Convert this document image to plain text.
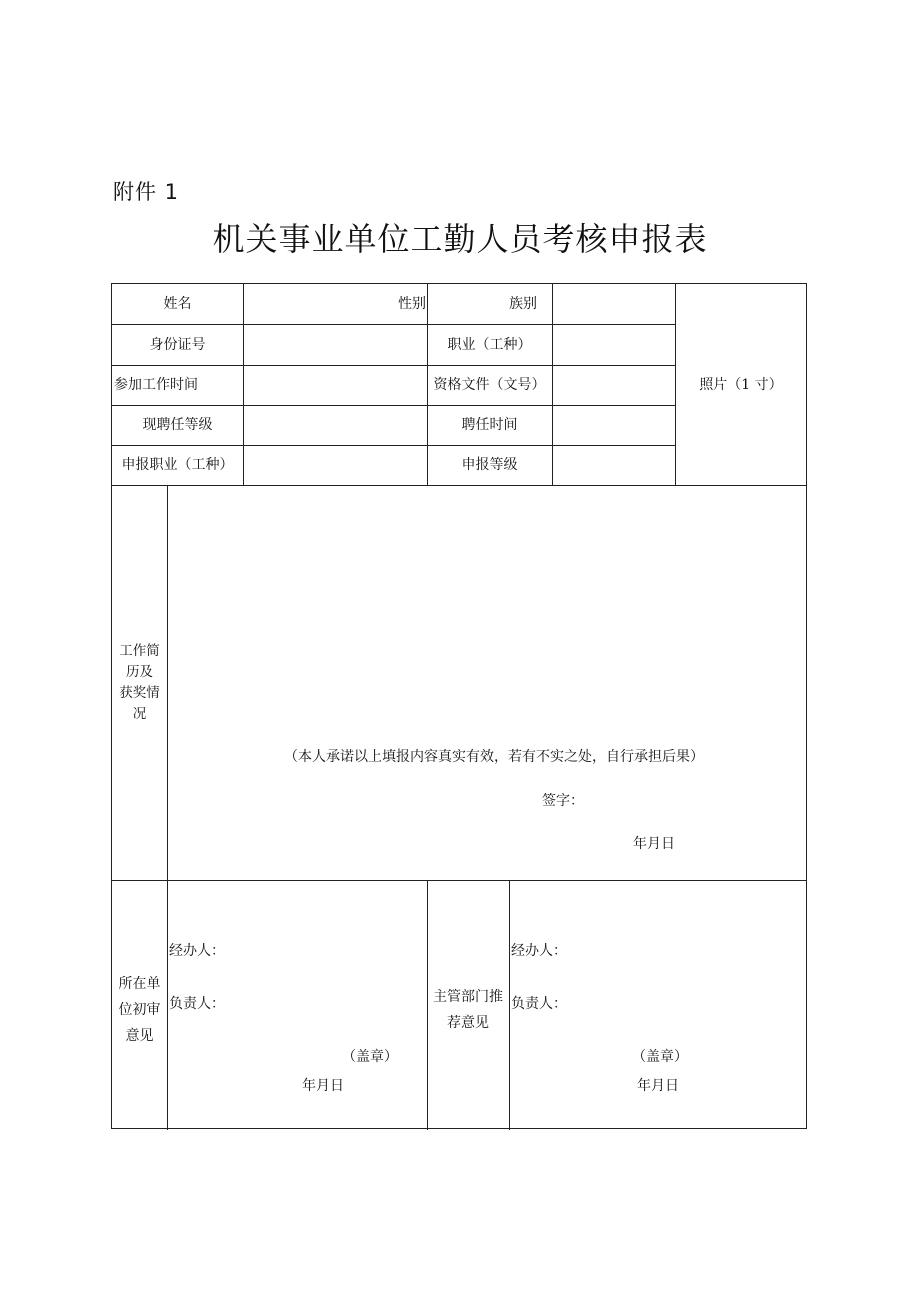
附件 1
机关事业单位工勤人员考核申报表
姓名	性别	族别
身份证号	职业（工种）
参加工作时间	资格文件（文号）
现聘任等级	聘任时间
申报职业（工种）	申报等级
照片（1 寸）
工作简
历及
获奖情
况
（本人承诺以上填报内容真实有效，若有不实之处，自行承担后果）
签字：
年月日
所在单
位初审
意见
经办人：
负责人：
（盖章）
年月日
主管部门推
荐意见
经办人：
负责人：
（盖章）
年月日
